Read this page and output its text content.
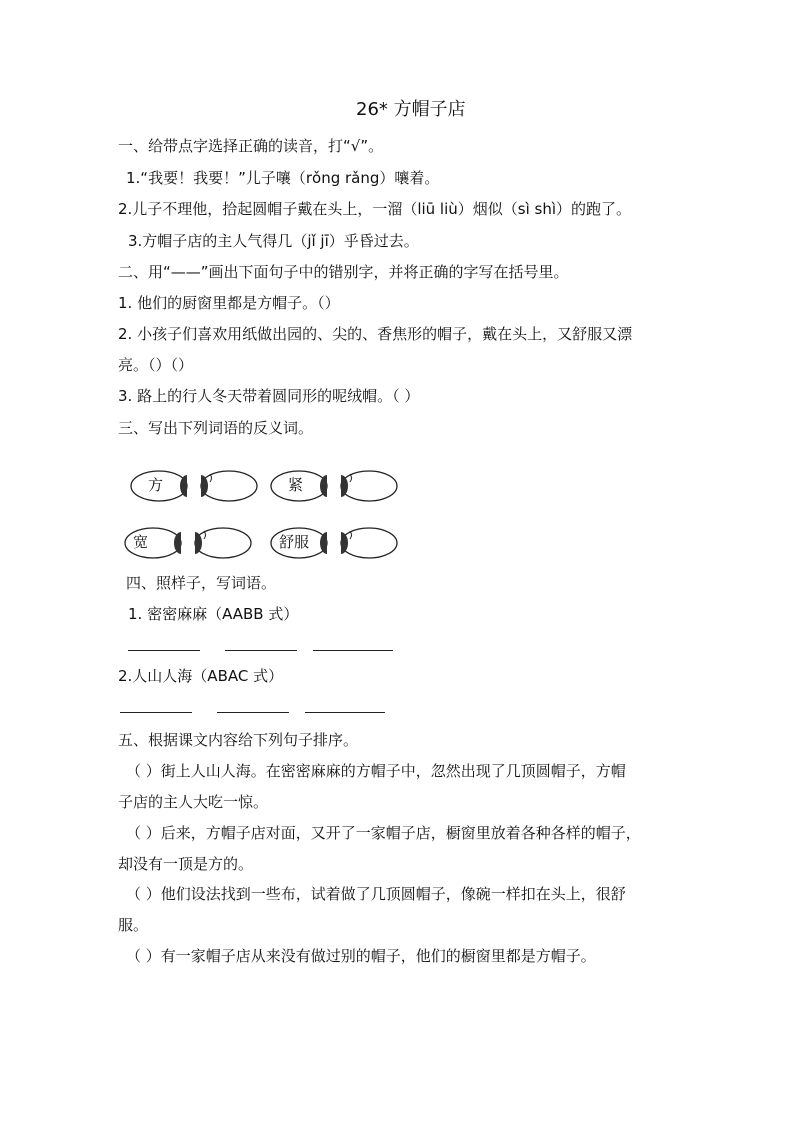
26* 方帽子店
一、给带点字选择正确的读音，打“√”。
1.“我要！我要！”儿子嚷（rǒng rǎng）嚷着。
2.儿子不理他，拾起圆帽子戴在头上，一溜（liū liù）烟似（sì shì）的跑了。
3.方帽子店的主人气得几（jǐ jī）乎昏过去。
二、用“——”画出下面句子中的错别字，并将正确的字写在括号里。
1. 他们的厨窗里都是方帽子。（）
2. 小孩子们喜欢用纸做出园的、尖的、香焦形的帽子，戴在头上，又舒服又漂
亮。（）（）
3. 路上的行人冬天带着圆同形的呢绒帽。（ ）
三、写出下列词语的反义词。
方	紧
宽	舒服
四、照样子，写词语。
1. 密密麻麻（AABB 式）
2.人山人海（ABAC 式）
五、根据课文内容给下列句子排序。
（ ）街上人山人海。在密密麻麻的方帽子中，忽然出现了几顶圆帽子，方帽
子店的主人大吃一惊。
（ ）后来，方帽子店对面，又开了一家帽子店，橱窗里放着各种各样的帽子，
却没有一顶是方的。
（ ）他们设法找到一些布，试着做了几顶圆帽子，像碗一样扣在头上，很舒
服。
（ ）有一家帽子店从来没有做过别的帽子，他们的橱窗里都是方帽子。
